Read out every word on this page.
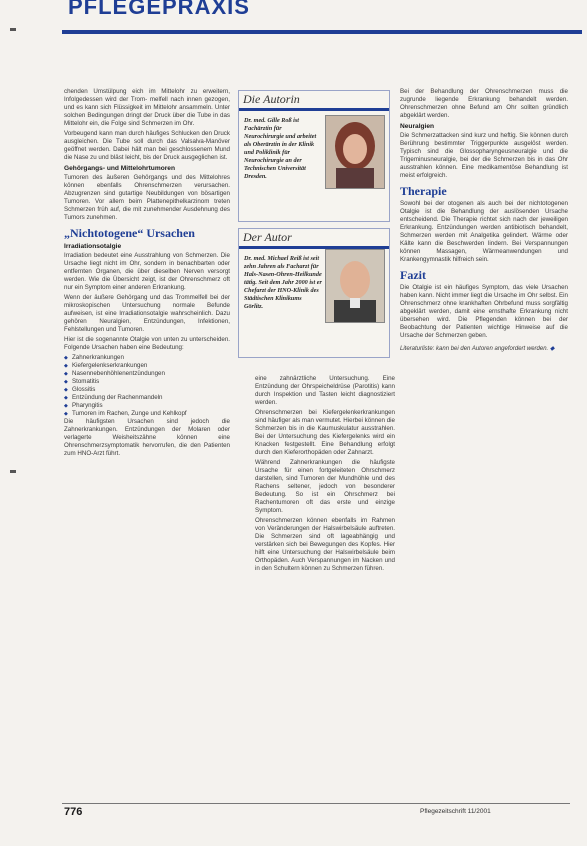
PFLEGEPRAXIS

chenden Umstülpung eich im Mittelohr zu erweitern, Infolgedessen wird der Trom- melfell nach innen gezogen, und es kann sich Flüssigkeit im Mittelohr ansammeln. Unter solchen Bedingungen dringt der Druck über die Tube in das Mittelohr ein, die Folge sind Schmerzen im Ohr.

Vorbeugend kann man durch häufiges Schlucken den Druck ausgleichen. Die Tube soll durch das Valsalva-Manöver geöffnet werden. Dabei hält man bei geschlossenem Mund die Nase zu und bläst leicht, bis der Druck ausgeglichen ist.

Gehörgangs- und Mittelohrtumoren

Tumoren des äußeren Gehörgangs und des Mittelohres können ebenfalls Ohrenschmerzen verursachen. Abzugrenzen sind gutartige Neubildungen von bösartigen Tumoren. Vor allem beim Plattenepithelkarzinom treten Schmerzen früh auf, die mit zunehmender Ausdehnung des Tumors zunehmen.

„Nichtotogene“ Ursachen
Irradiationsotalgie

Irradiation bedeutet eine Ausstrahlung von Schmerzen. Die Ursache liegt nicht im Ohr, sondern in benachbarten oder entfernten Organen, die über dieselben Nerven versorgt werden. Wie die Übersicht zeigt, ist der Ohrenschmerz oft nur ein Symptom einer anderen Erkrankung.

Wenn der äußere Gehörgang und das Trommelfell bei der mikroskopischen Untersuchung normale Befunde aufweisen, ist eine Irradiationsotalgie wahrscheinlich. Dazu gehören Neuralgien, Entzündungen, Infektionen, Fehlstellungen und Tumoren.

Hier ist die sogenannte Otalgie von unten zu unterscheiden. Folgende Ursachen haben eine Bedeutung:

◆ Zahnerkrankungen
◆ Kiefergelenkserkrankungen
◆ Nasennebenhöhlenentzündungen
◆ Stomatitis
◆ Glossitis
◆ Entzündung der Rachenmandeln
◆ Pharyngitis
◆ Tumoren im Rachen, Zunge und Kehlkopf

Die häufigsten Ursachen sind jedoch die Zahnerkrankungen. Entzündungen der Molaren oder verlagerte Weisheitszähne können eine Ohrenschmerzsymptomatik hervorrufen, die den Patienten zum HNO-Arzt führt.

Die Autorin
Dr. med. Gille Roß ist Fachärztin für Neurochirurgie und arbeitet als Oberärztin in der Klinik und Poliklinik für Neurochirurgie an der Technischen Universität Dresden.
Der Autor
Dr. med. Michael Reiß ist seit zehn Jahren als Facharzt für Hals-Nasen-Ohren-Heilkunde tätig. Seit dem Jahr 2000 ist er Chefarzt der HNO-Klinik des Städtischen Klinikums Görlitz.

eine zahnärztliche Untersuchung. Eine Entzündung der Ohrspeicheldrüse (Parotitis) kann durch Inspektion und Tasten leicht diagnostiziert werden.

Ohrenschmerzen bei Kiefergelenkerkrankungen sind häufiger als man vermutet. Hierbei können die Schmerzen bis in die Kaumuskulatur ausstrahlen. Bei der Untersuchung des Kiefergelenks wird ein Knacken festgestellt. Eine Behandlung erfolgt durch den Kieferorthopäden oder Zahnarzt.

Während Zahnerkrankungen die häufigste Ursache für einen fortgeleiteten Ohrschmerz darstellen, sind Tumoren der Mundhöhle und des Rachens seltener, jedoch von besonderer Bedeutung. So ist ein Ohrschmerz bei Rachentumoren oft das erste und einzige Symptom.

Ohrenschmerzen können ebenfalls im Rahmen von Veränderungen der Halswirbelsäule auftreten. Die Schmerzen sind oft lageabhängig und verstärken sich bei Bewegungen des Kopfes. Hier hilft eine Untersuchung der Halswirbelsäule beim Orthopäden. Auch Verspannungen im Nacken und in den Schultern können zu Schmerzen führen.

Bei der Behandlung der Ohrenschmerzen muss die zugrunde liegende Erkrankung behandelt werden. Ohrenschmerzen ohne Befund am Ohr sollten gründlich abgeklärt werden.

Neuralgien

Die Schmerzattacken sind kurz und heftig. Sie können durch Berührung bestimmter Triggerpunkte ausgelöst werden. Typisch sind die Glossopharyngeusneuralgie und die Trigeminusneuralgie, bei der die Schmerzen bis in das Ohr ausstrahlen können. Eine medikamentöse Behandlung ist meist erfolgreich.

Therapie

Sowohl bei der otogenen als auch bei der nichtotogenen Otalgie ist die Behandlung der auslösenden Ursache entscheidend. Die Therapie richtet sich nach der jeweiligen Erkrankung. Entzündungen werden antibiotisch behandelt, Schmerzen werden mit Analgetika gelindert. Wärme oder Kälte kann die Beschwerden lindern. Bei Verspannungen können Massagen, Wärmeanwendungen und Krankengymnastik hilfreich sein.

Fazit

Die Otalgie ist ein häufiges Symptom, das viele Ursachen haben kann. Nicht immer liegt die Ursache im Ohr selbst. Ein Ohrenschmerz ohne krankhaften Ohrbefund muss sorgfältig abgeklärt werden, damit eine ernsthafte Erkrankung nicht übersehen wird. Die Pflegenden können bei der Beobachtung der Patienten wichtige Hinweise auf die Ursache der Schmerzen geben.

Literaturliste: kann bei den Autoren angefordert werden. ◆
776	Pflegezeitschrift 11/2001
